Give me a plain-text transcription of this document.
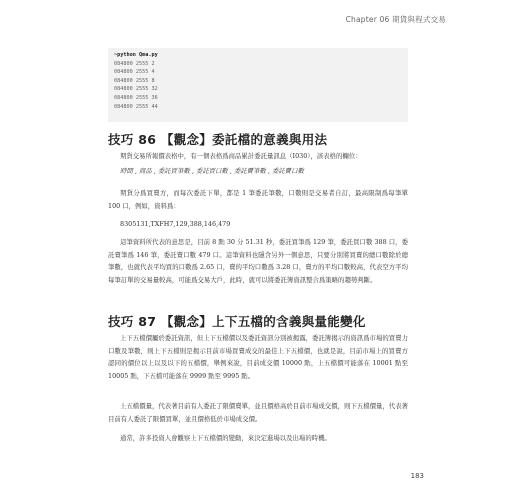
Chapter 06 期貨與程式交易
~python Qma.py
084800 2555 2
084800 2555 4
084800 2555 8
084800 2555 32
084800 2555 36
084800 2555 44
技巧 86 【觀念】委託檔的意義與用法
期貨交易所報價表格中，有一個表格爲商品累計委託量訊息（I030），該表格的欄位：
時間 , 商品 , 委託買筆數 , 委託買口數 , 委託賣筆數 , 委託賣口數
期貨分爲買賣方，而每次委託下單，都是 1 筆委託筆數，口數則是交易者自訂，最高限制爲每筆單 100 口，例如，資料爲：
8305131,TXFH7,129,388,146,479
這筆資料所代表的意思是，目前 8 點 30 分 51.31 秒，委託買筆爲 129 筆，委託買口數 388 口，委託賣筆爲 146 筆，委託賣口數 479 口。這筆資料也隱含另外一個意思，只要分別將買賣的總口數除於總筆數，也就代表平均買的口數爲 2.65 口，賣的平均口數爲 3.28 口，賣方的平均口數較高，代表空方平均每筆訂單的交易量較高，可能爲交易大戶，此時，就可以將委託簿資訊整合爲策略的趨勢判斷。
技巧 87 【觀念】上下五檔的含義與量能變化
上下五檔價屬於委託資訊，但上下五檔價以及委託資訊分別被揭露，委託簿揭示的資訊爲市場的買賣力口數及筆數，則上下五檔則是揭示目前市場買賣成交的最佳上下五檔價，也就是說，目前市場上的買賣方認同的價位以上以及以下的五檔價，舉例來說，目前成交價 10000 點，上五檔價可能落在 10001 點至 10005 點，下五檔可能落在 9999 點至 9995 點。
上五檔價量，代表著目前有人委託了限價賣單，並且價格高於目前市場成交價，則下五檔價量，代表著目前有人委託了限價買單，並且價格低於市場成交價。
通常，許多投資人會觀察上下五檔價的變動，來決定進場以及出場的時機。
183
